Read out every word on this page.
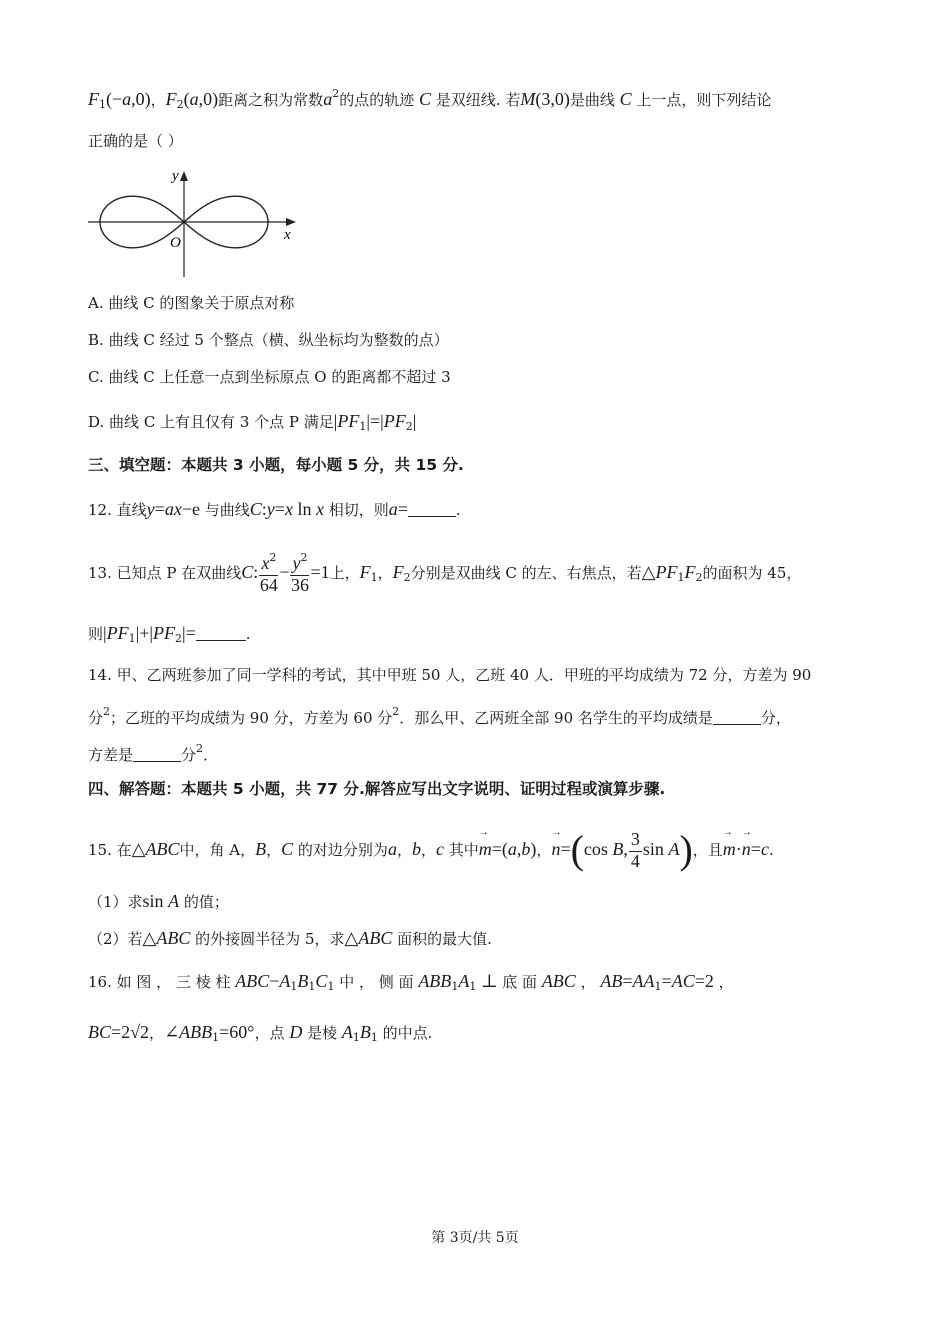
$F_1(-a,0)$，$F_2(a,0)$距离之积为常数$a^2$的点的轨迹 C 是双纽线. 若M(3,0)是曲线 C 上一点，则下列结论
正确的是（ ）
y
x
O
A. 曲线 C 的图象关于原点对称
B. 曲线 C 经过 5 个整点（横、纵坐标均为整数的点）
C. 曲线 C 上任意一点到坐标原点 O 的距离都不超过 3
D. 曲线 C 上有且仅有 3 个点 P 满足$|PF_1|=|PF_2|$
三、填空题：本题共 3 小题，每小题 5 分，共 15 分.
12. 直线y=ax−e 与曲线C:y=x ln x 相切，则a=	.
13. 已知点 P 在双曲线C: $\frac{x^2}{64} - \frac{y^2}{36} =1$上，$F_1$，$F_2$分别是双曲线 C 的左、右焦点，若$\triangle PF_1F_2$的面积为 45，
则$|PF_1|+|PF_2|=$	.
14. 甲、乙两班参加了同一学科的考试，其中甲班 50 人，乙班 40 人．甲班的平均成绩为 72 分，方差为 90
分$^2$；乙班的平均成绩为 90 分，方差为 60 分$^2$．那么甲、乙两班全部 90 名学生的平均成绩是	分，
方差是	分$^2$．
四、解答题：本题共 5 小题，共 77 分.解答应写出文字说明、证明过程或演算步骤.
15. 在△ABC中，角 A，B，C 的对边分别为a，b，c 其中→ m=(a,b)，→ n=(cos B, $\frac{3}{4}$ sin A)，且→ m·→ n=c.
（1）求sin A 的值；
（2）若△ABC 的外接圆半径为 5，求△ABC 面积的最大值.
16. 如 图 ， 三 棱 柱 $ABC-A_1B_1C_1$ 中 ， 侧 面 $ABB_1A_1$ ⊥ 底 面 ABC ， $AB=AA_1=AC=2$ ，
BC=2√2，$\angle ABB_1=60^\circ$，点 D 是棱 $A_1B_1$ 的中点.
第 3页/共 5页
